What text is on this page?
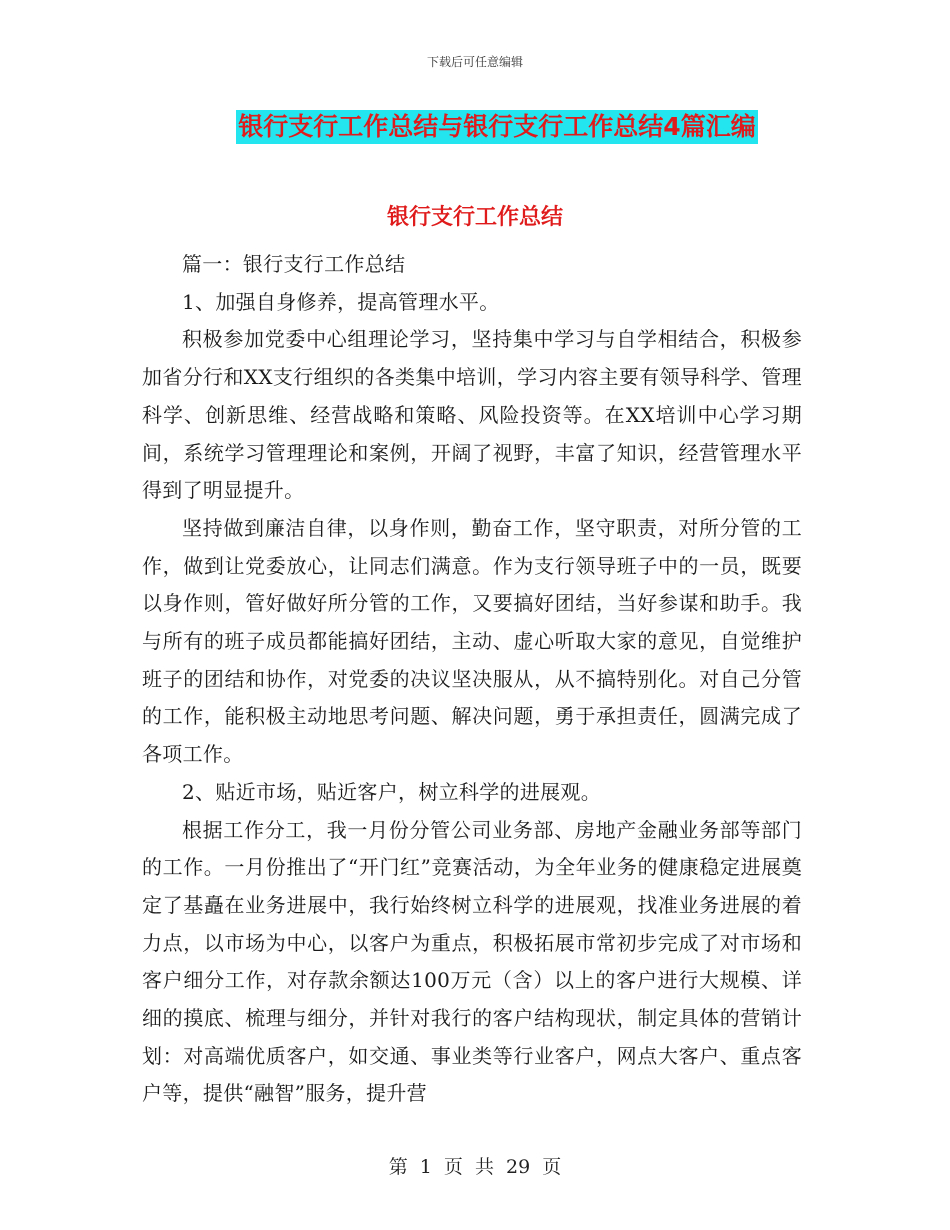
下载后可任意编辑
银行支行工作总结与银行支行工作总结4篇汇编
银行支行工作总结

篇一：银行支行工作总结

1、加强自身修养，提高管理水平。

积极参加党委中心组理论学习，坚持集中学习与自学相结合，积极参加省分行和XX支行组织的各类集中培训，学习内容主要有领导科学、管理科学、创新思维、经营战略和策略、风险投资等。在XX培训中心学习期间，系统学习管理理论和案例，开阔了视野，丰富了知识，经营管理水平得到了明显提升。

坚持做到廉洁自律，以身作则，勤奋工作，坚守职责，对所分管的工作，做到让党委放心，让同志们满意。作为支行领导班子中的一员，既要以身作则，管好做好所分管的工作，又要搞好团结，当好参谋和助手。我与所有的班子成员都能搞好团结，主动、虚心听取大家的意见，自觉维护班子的团结和协作，对党委的决议坚决服从，从不搞特别化。对自己分管的工作，能积极主动地思考问题、解决问题，勇于承担责任，圆满完成了各项工作。

2、贴近市场，贴近客户，树立科学的进展观。

根据工作分工，我一月份分管公司业务部、房地产金融业务部等部门的工作。一月份推出了“开门红”竞赛活动，为全年业务的健康稳定进展奠定了基矗在业务进展中，我行始终树立科学的进展观，找准业务进展的着力点，以市场为中心，以客户为重点，积极拓展市常初步完成了对市场和客户细分工作，对存款余额达100万元（含）以上的客户进行大规模、详细的摸底、梳理与细分，并针对我行的客户结构现状，制定具体的营销计划：对高端优质客户，如交通、事业类等行业客户，网点大客户、重点客户等，提供“融智”服务，提升营

第 1 页 共 29 页
